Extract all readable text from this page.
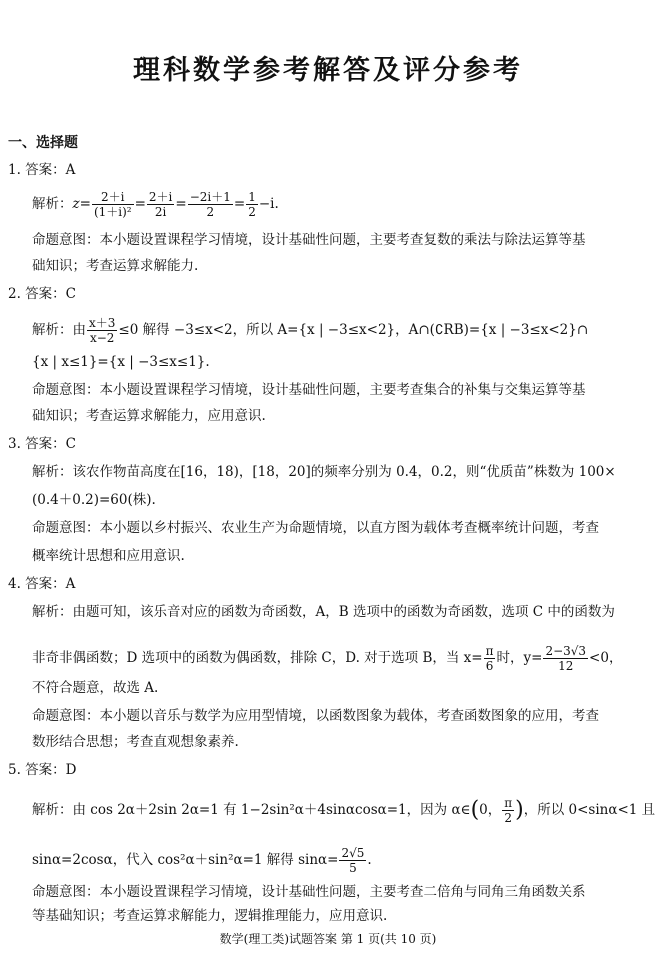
理科数学参考解答及评分参考
一、选择题
1. 答案：A
解析：$z= \frac{2+i}{\text{(1＋i)²}} = \frac{2+i}{2i} = \frac{-2i+1}{2} = \frac{1}{2} -i$.
命题意图：本小题设置课程学习情境，设计基础性问题，主要考查复数的乘法与除法运算等基
础知识；考查运算求解能力.
2. 答案：C
解析：由 $\frac{x+3}{x-2} \le 0$ 解得 −3≤x<2，所以 A={x | −3≤x<2}，A∩(∁RB)={x | −3≤x<2}∩
{x | x≤1}={x | −3≤x≤1}.
命题意图：本小题设置课程学习情境，设计基础性问题，主要考查集合的补集与交集运算等基
础知识；考查运算求解能力，应用意识.
3. 答案：C
解析：该农作物苗高度在[16，18)，[18，20]的频率分别为 0.4，0.2，则“优质苗”株数为 100×
(0.4＋0.2)=60(株).
命题意图：本小题以乡村振兴、农业生产为命题情境，以直方图为载体考查概率统计问题，考查
概率统计思想和应用意识.
4. 答案：A
解析：由题可知，该乐音对应的函数为奇函数，A，B 选项中的函数为奇函数，选项 C 中的函数为
非奇非偶函数；D 选项中的函数为偶函数，排除 C，D. 对于选项 B，当 $x= \frac{\pi}{6}$ 时，$y= \frac{2-3√3}{12} <0$，
不符合题意，故选 A.
命题意图：本小题以音乐与数学为应用型情境，以函数图象为载体，考查函数图象的应用，考查
数形结合思想；考查直观想象素养.
5. 答案：D
解析：由 cos 2α＋2sin 2α=1 有 1−2sin²α＋4sinαcosα=1，因为 α∈(0， $\frac{\pi}{2}$ )，所以 0<sinα<1 且
sinα=2cosα，代入 cos²α＋sin²α=1 解得 $\sin\alpha= \frac{2√5}{5}$ .
命题意图：本小题设置课程学习情境，设计基础性问题，主要考查二倍角与同角三角函数关系
等基础知识；考查运算求解能力，逻辑推理能力，应用意识.
数学(理工类)试题答案 第 1 页(共 10 页)
